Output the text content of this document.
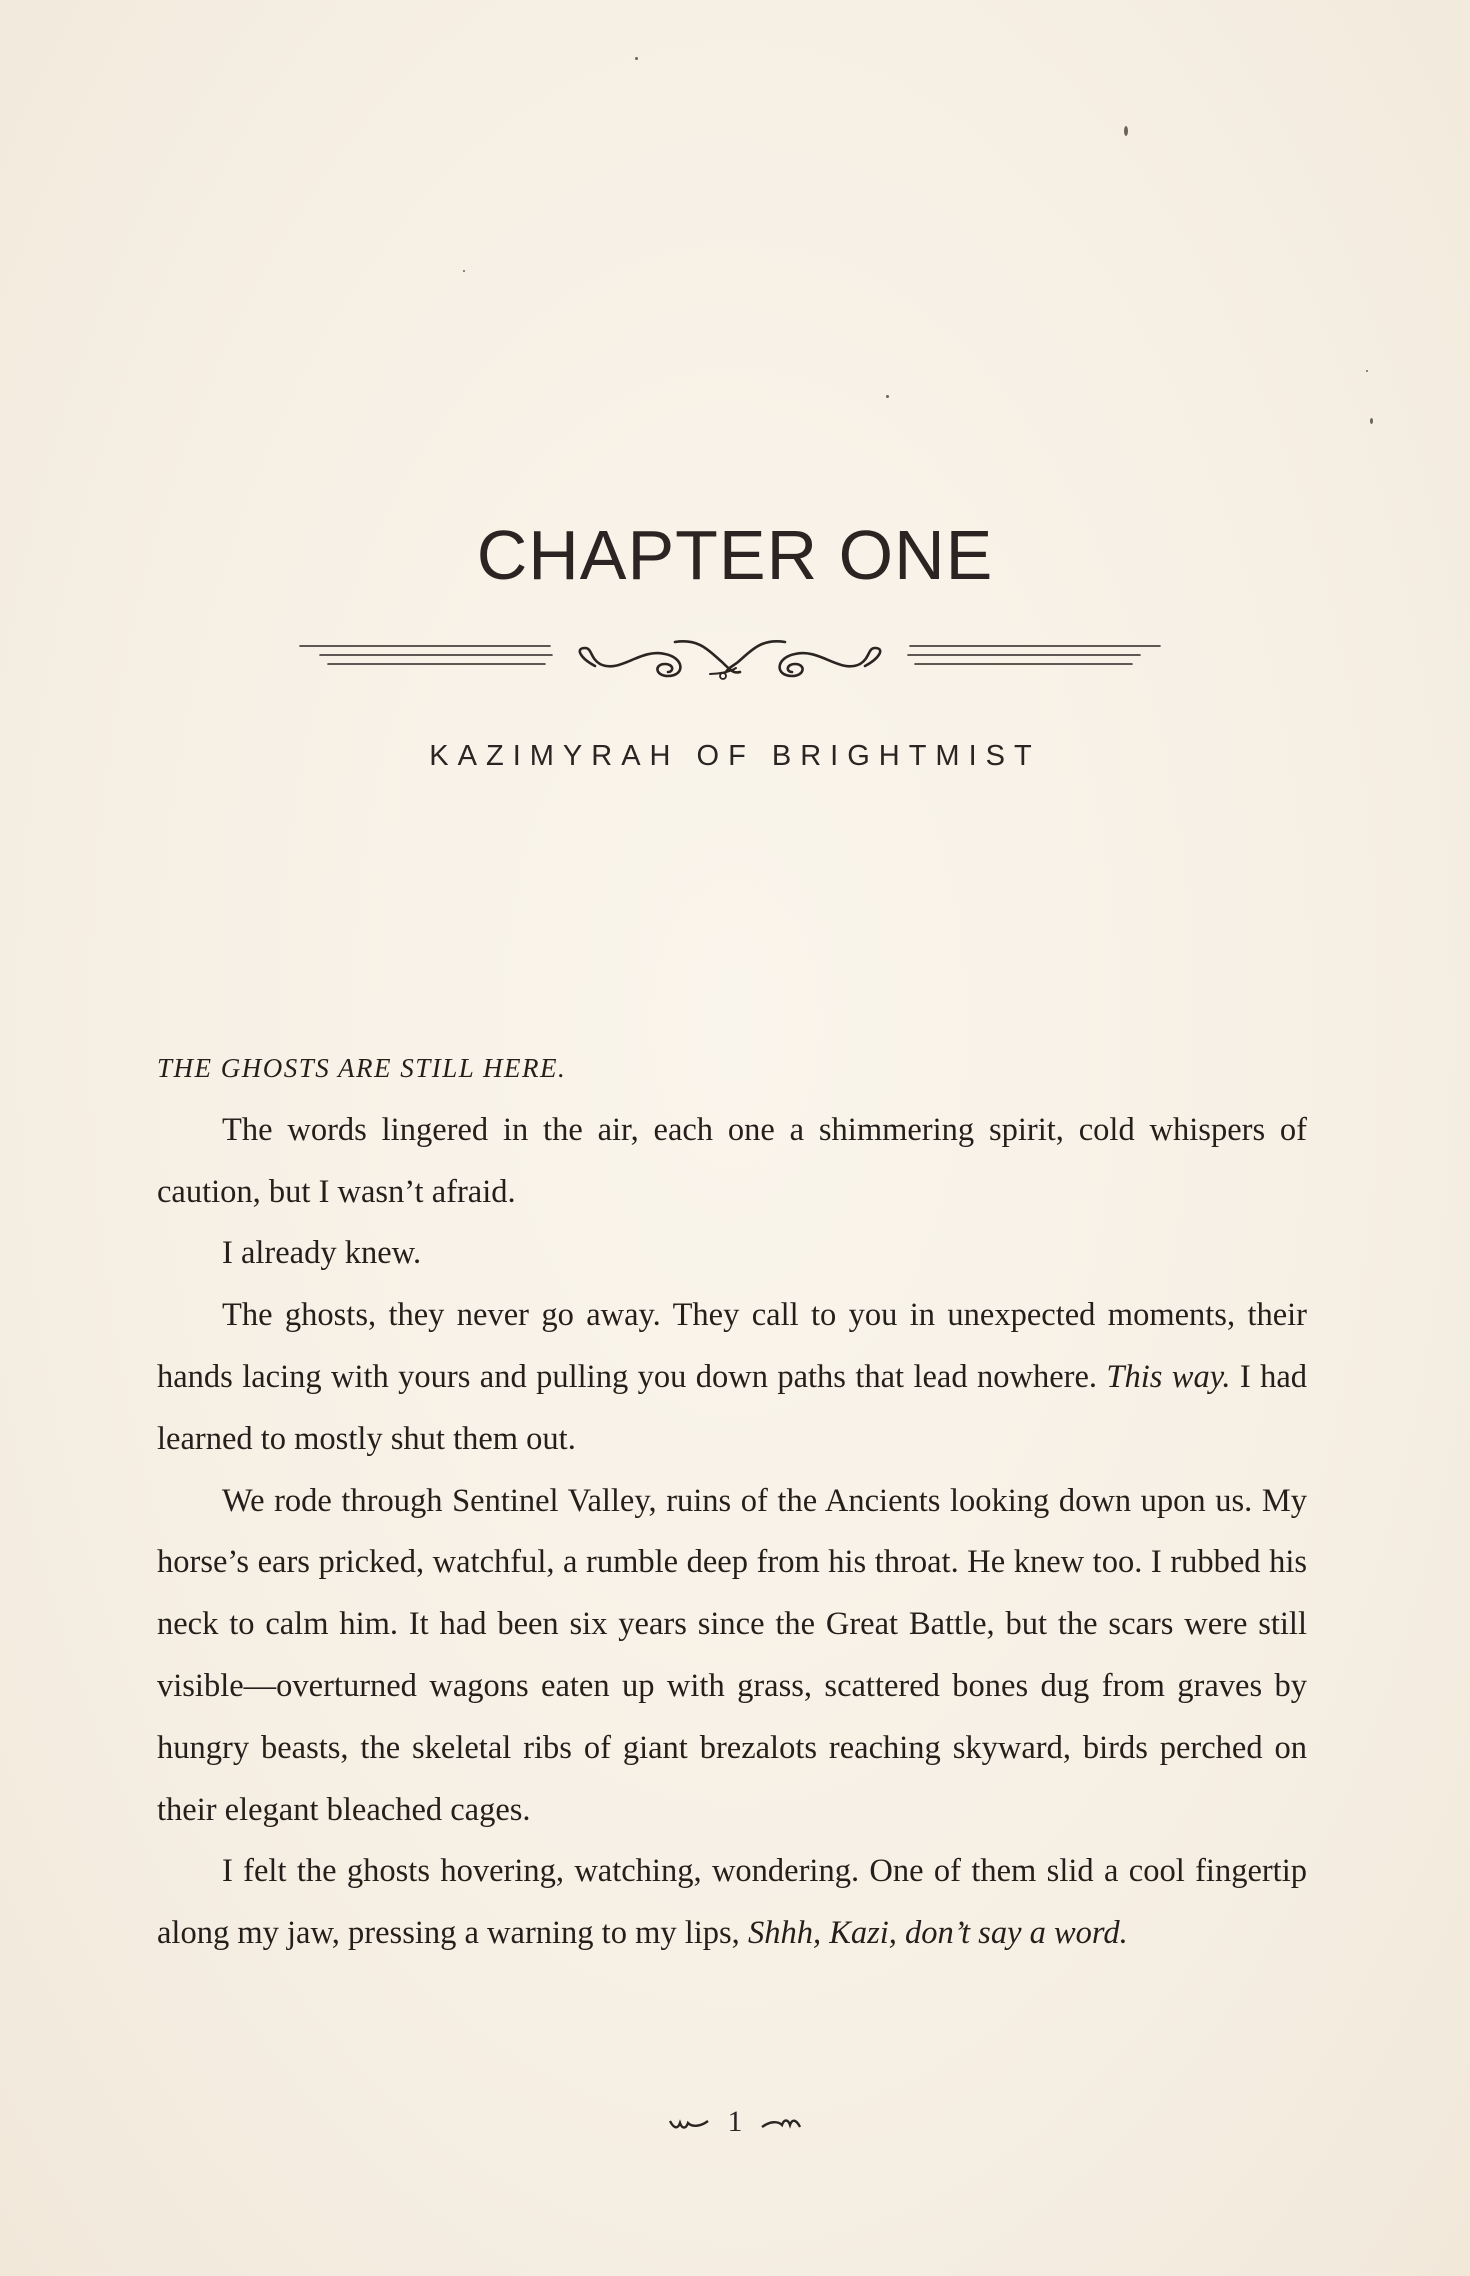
CHAPTER ONE
KAZIMYRAH OF BRIGHTMIST

THE GHOSTS ARE STILL HERE.

The words lingered in the air, each one a shimmering spirit, cold whispers of caution, but I wasn’t afraid.

I already knew.

The ghosts, they never go away. They call to you in unexpected moments, their hands lacing with yours and pulling you down paths that lead nowhere. This way. I had learned to mostly shut them out.

We rode through Sentinel Valley, ruins of the Ancients looking down upon us. My horse’s ears pricked, watchful, a rumble deep from his throat. He knew too. I rubbed his neck to calm him. It had been six years since the Great Battle, but the scars were still visible—overturned wagons eaten up with grass, scattered bones dug from graves by hungry beasts, the skeletal ribs of giant brezalots reaching skyward, birds perched on their elegant bleached cages.

I felt the ghosts hovering, watching, wondering. One of them slid a cool fingertip along my jaw, pressing a warning to my lips, Shhh, Kazi, don’t say a word.

1
